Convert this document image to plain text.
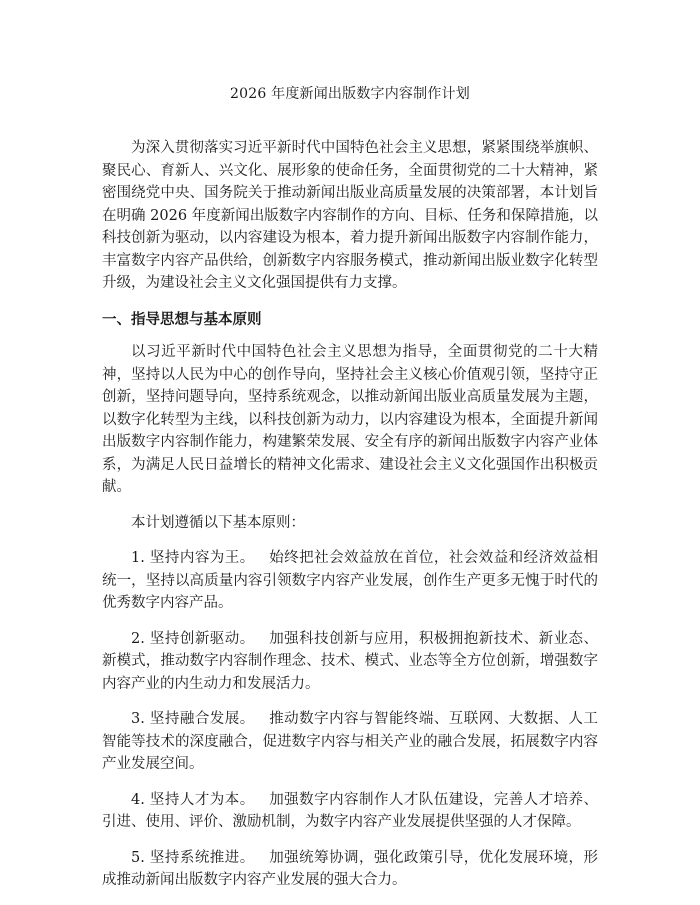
2026 年度新闻出版数字内容制作计划

为深入贯彻落实习近平新时代中国特色社会主义思想，紧紧围绕举旗帜、聚民心、育新人、兴文化、展形象的使命任务，全面贯彻党的二十大精神，紧密围绕党中央、国务院关于推动新闻出版业高质量发展的决策部署，本计划旨在明确 2026 年度新闻出版数字内容制作的方向、目标、任务和保障措施，以科技创新为驱动，以内容建设为根本，着力提升新闻出版数字内容制作能力，丰富数字内容产品供给，创新数字内容服务模式，推动新闻出版业数字化转型升级，为建设社会主义文化强国提供有力支撑。

一、指导思想与基本原则

以习近平新时代中国特色社会主义思想为指导，全面贯彻党的二十大精神，坚持以人民为中心的创作导向，坚持社会主义核心价值观引领，坚持守正创新，坚持问题导向，坚持系统观念，以推动新闻出版业高质量发展为主题，以数字化转型为主线，以科技创新为动力，以内容建设为根本，全面提升新闻出版数字内容制作能力，构建繁荣发展、安全有序的新闻出版数字内容产业体系，为满足人民日益增长的精神文化需求、建设社会主义文化强国作出积极贡献。

本计划遵循以下基本原则：

1. 坚持内容为王。 始终把社会效益放在首位，社会效益和经济效益相统一，坚持以高质量内容引领数字内容产业发展，创作生产更多无愧于时代的优秀数字内容产品。

2. 坚持创新驱动。 加强科技创新与应用，积极拥抱新技术、新业态、新模式，推动数字内容制作理念、技术、模式、业态等全方位创新，增强数字内容产业的内生动力和发展活力。

3. 坚持融合发展。 推动数字内容与智能终端、互联网、大数据、人工智能等技术的深度融合，促进数字内容与相关产业的融合发展，拓展数字内容产业发展空间。

4. 坚持人才为本。 加强数字内容制作人才队伍建设，完善人才培养、引进、使用、评价、激励机制，为数字内容产业发展提供坚强的人才保障。

5. 坚持系统推进。 加强统筹协调，强化政策引导，优化发展环境，形成推动新闻出版数字内容产业发展的强大合力。
